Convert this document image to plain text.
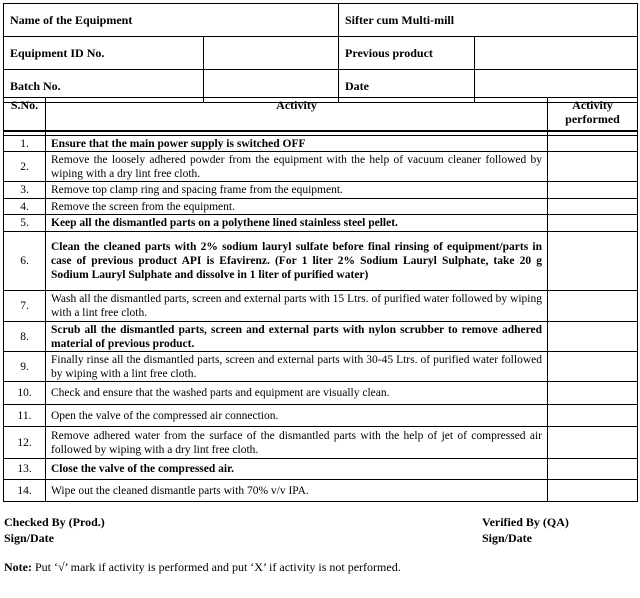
Name of the Equipment		Sifter cum Multi-mill	
Equipment ID No.		Previous product	
Batch No.		Date	
S.No.	Activity	Activity performed

1.	Ensure that the main power supply is switched OFF	
2.	Remove the loosely adhered powder from the equipment with the help of vacuum cleaner followed by wiping with a dry lint free cloth.	
3.	Remove top clamp ring and spacing frame from the equipment.	
4.	Remove the screen from the equipment.	
5.	Keep all the dismantled parts on a polythene lined stainless steel pellet.	
6.	Clean the cleaned parts with 2% sodium lauryl sulfate before final rinsing of equipment/parts in case of previous product API is Efavirenz. (For 1 liter 2% Sodium Lauryl Sulphate, take 20 g Sodium Lauryl Sulphate and dissolve in 1 liter of purified water)	
7.	Wash all the dismantled parts, screen and external parts with 15 Ltrs. of purified water followed by wiping with a lint free cloth.	
8.	Scrub all the dismantled parts, screen and external parts with nylon scrubber to remove adhered material of previous product.	
9.	Finally rinse all the dismantled parts, screen and external parts with 30-45 Ltrs. of purified water followed by wiping with a lint free cloth.	
10.	Check and ensure that the washed parts and equipment are visually clean.	
11.	Open the valve of the compressed air connection.	
12.	Remove adhered water from the surface of the dismantled parts with the help of jet of compressed air followed by wiping with a dry lint free cloth.	
13.	Close the valve of the compressed air.	
14.	Wipe out the cleaned dismantle parts with 70% v/v IPA.	
Checked By (Prod.)
Sign/Date
Verified By (QA)
Sign/Date
Note: Put ‘√’ mark if activity is performed and put ‘X’ if activity is not performed.
